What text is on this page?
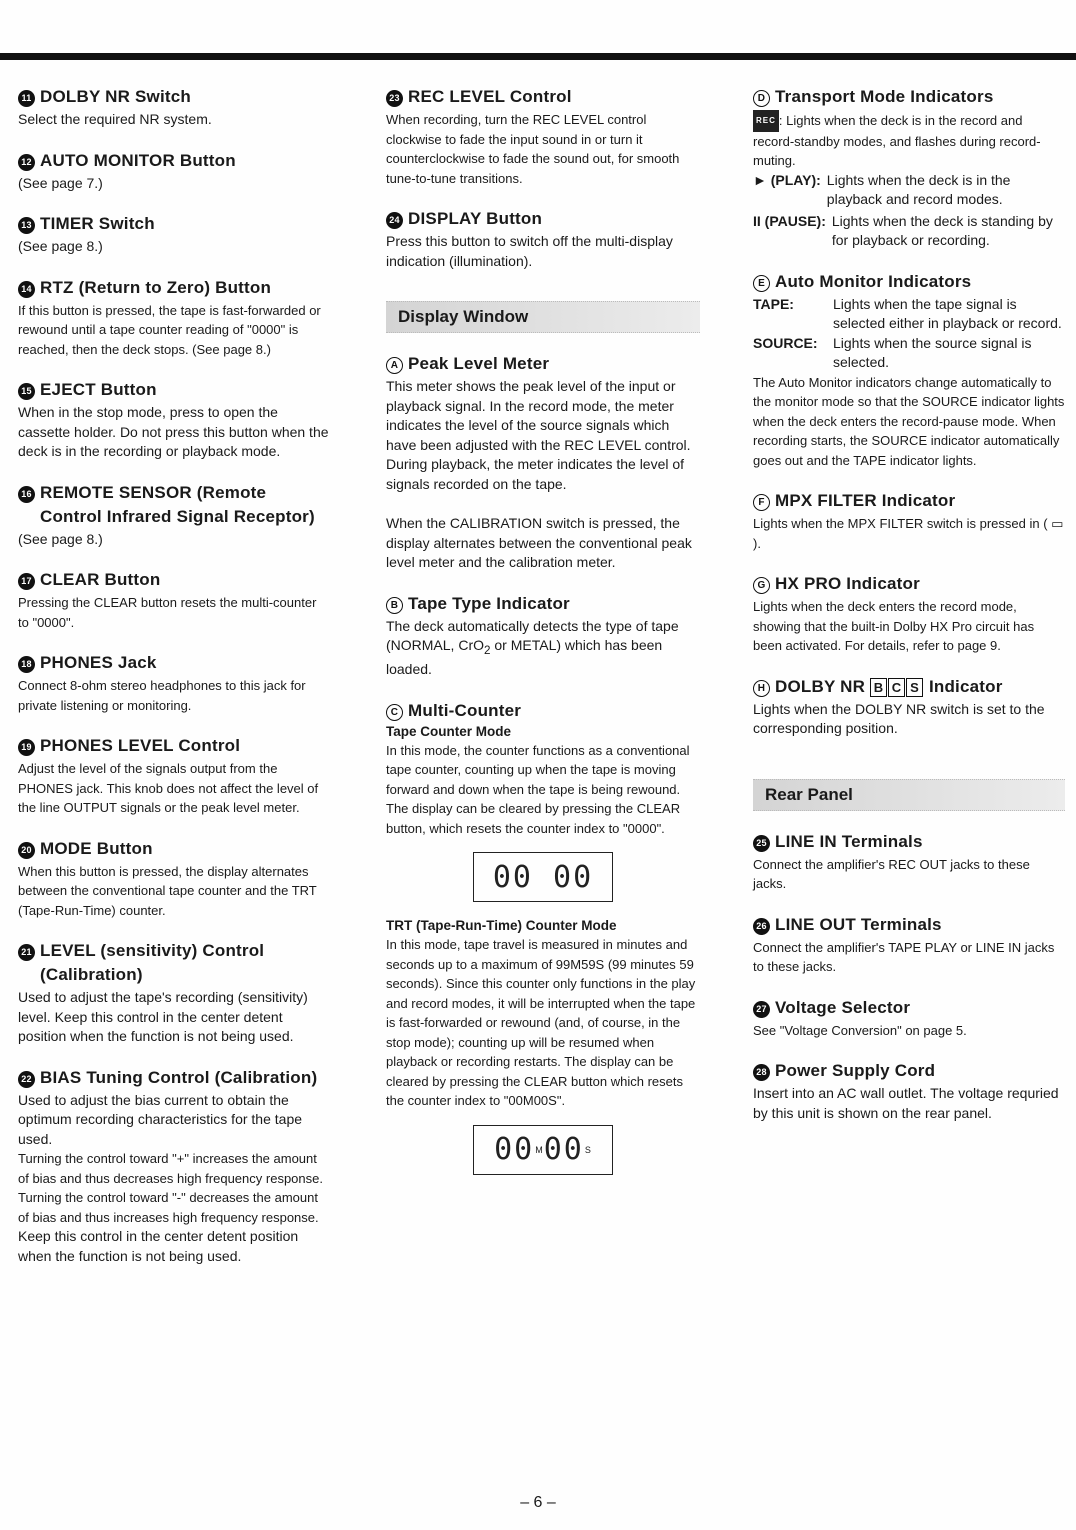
11 DOLBY NR Switch

Select the required NR system.

12 AUTO MONITOR Button

(See page 7.)

13 TIMER Switch

(See page 8.)

14 RTZ (Return to Zero) Button

If this button is pressed, the tape is fast-forwarded or rewound until a tape counter reading of "0000" is reached, then the deck stops. (See page 8.)

15 EJECT Button

When in the stop mode, press to open the cassette holder. Do not press this button when the deck is in the recording or playback mode.

16 REMOTE SENSOR (Remote
Control Infrared Signal Receptor)

(See page 8.)

17 CLEAR Button

Pressing the CLEAR button resets the multi-counter to "0000".

18 PHONES Jack

Connect 8-ohm stereo headphones to this jack for private listening or monitoring.

19 PHONES LEVEL Control

Adjust the level of the signals output from the PHONES jack. This knob does not affect the level of the line OUTPUT signals or the peak level meter.

20 MODE Button

When this button is pressed, the display alternates between the conventional tape counter and the TRT (Tape-Run-Time) counter.

21 LEVEL (sensitivity) Control
(Calibration)

Used to adjust the tape's recording (sensitivity) level. Keep this control in the center detent position when the function is not being used.

22 BIAS Tuning Control (Calibration)

Used to adjust the bias current to obtain the optimum recording characteristics for the tape used.

Turning the control toward "+" increases the amount of bias and thus decreases high frequency response.

Turning the control toward "-" decreases the amount of bias and thus increases high frequency response.

Keep this control in the center detent position when the function is not being used.

23 REC LEVEL Control

When recording, turn the REC LEVEL control clockwise to fade the input sound in or turn it counterclockwise to fade the sound out, for smooth tune-to-tune transitions.

24 DISPLAY Button

Press this button to switch off the multi-display indication (illumination).

Display Window
A Peak Level Meter

This meter shows the peak level of the input or playback signal. In the record mode, the meter indicates the level of the source signals which have been adjusted with the REC LEVEL control.

During playback, the meter indicates the level of signals recorded on the tape.

When the CALIBRATION switch is pressed, the display alternates between the conventional peak level meter and the calibration meter.

B Tape Type Indicator

The deck automatically detects the type of tape (NORMAL, CrO$_2$ or METAL) which has been loaded.

C Multi-Counter
Tape Counter Mode

In this mode, the counter functions as a conventional tape counter, counting up when the tape is moving forward and down when the tape is being rewound. The display can be cleared by pressing the CLEAR button, which resets the counter index to "0000".

00 00
TRT (Tape-Run-Time) Counter Mode

In this mode, tape travel is measured in minutes and seconds up to a maximum of 99M59S (99 minutes 59 seconds). Since this counter only functions in the play and record modes, it will be interrupted when the tape is fast-forwarded or rewound (and, of course, in the stop mode); counting up will be resumed when playback or recording restarts. The display can be cleared by pressing the CLEAR button which resets the counter index to "00M00S".

00 M 00 S
D Transport Mode Indicators

REC : Lights when the deck is in the record and record-standby modes, and flashes during record-muting.

► (PLAY): Lights when the deck is in the playback and record modes.
II (PAUSE): Lights when the deck is standing by for playback or recording.
E Auto Monitor Indicators
TAPE:	Lights when the tape signal is selected either in playback or record.
SOURCE:	Lights when the source signal is selected.

The Auto Monitor indicators change automatically to the monitor mode so that the SOURCE indicator lights when the deck enters the record-pause mode. When recording starts, the SOURCE indicator automatically goes out and the TAPE indicator lights.

F MPX FILTER Indicator

Lights when the MPX FILTER switch is pressed in ( ▭ ).

G HX PRO Indicator

Lights when the deck enters the record mode, showing that the built-in Dolby HX Pro circuit has been activated. For details, refer to page 9.

H DOLBY NR B C S Indicator

Lights when the DOLBY NR switch is set to the corresponding position.

Rear Panel
25 LINE IN Terminals

Connect the amplifier's REC OUT jacks to these jacks.

26 LINE OUT Terminals

Connect the amplifier's TAPE PLAY or LINE IN jacks to these jacks.

27 Voltage Selector

See "Voltage Conversion" on page 5.

28 Power Supply Cord

Insert into an AC wall outlet. The voltage requried by this unit is shown on the rear panel.

– 6 –
